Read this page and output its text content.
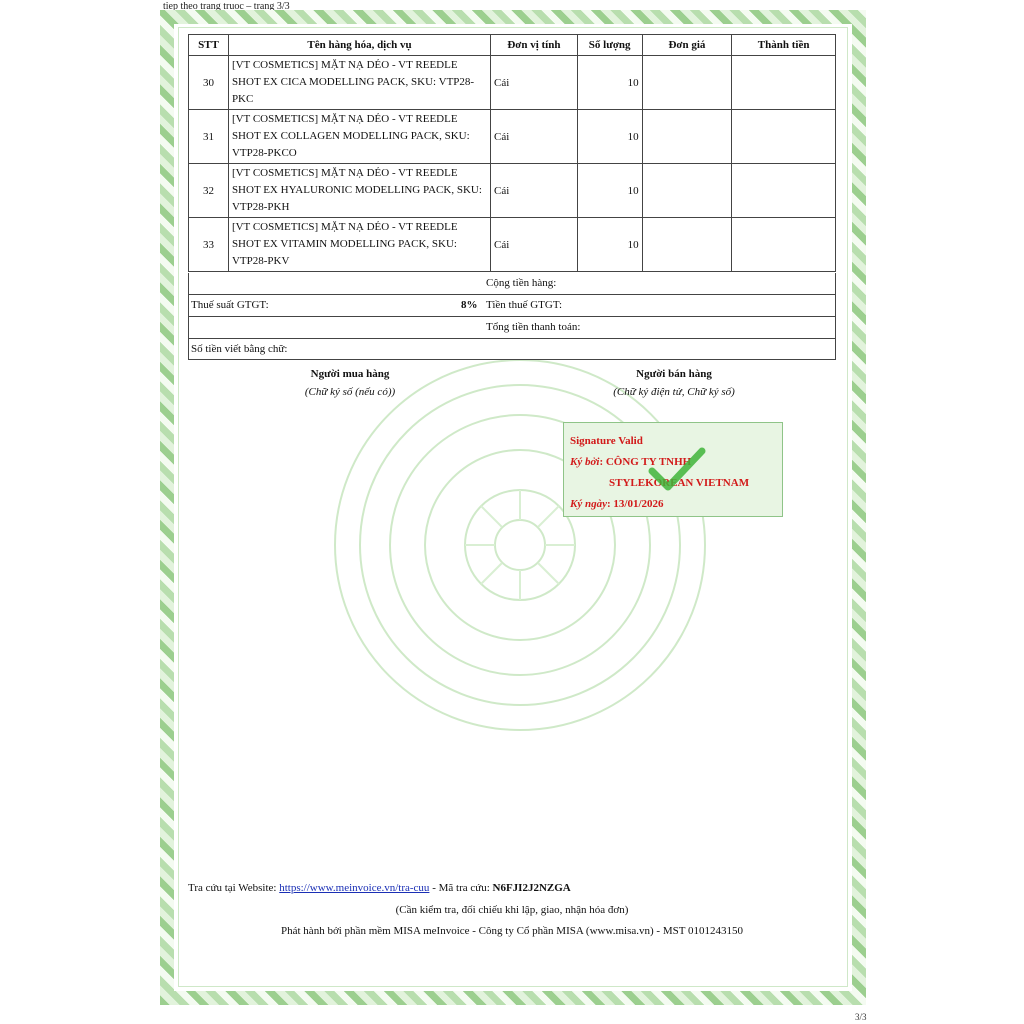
tiep theo trang truoc – trang 3/3
STT	Tên hàng hóa, dịch vụ	Đơn vị tính	Số lượng	Đơn giá	Thành tiền
30	[VT COSMETICS] MẶT NẠ DẺO - VT REEDLE SHOT EX CICA MODELLING PACK, SKU: VTP28-PKC	Cái	10		
31	[VT COSMETICS] MẶT NẠ DẺO - VT REEDLE SHOT EX COLLAGEN MODELLING PACK, SKU: VTP28-PKCO	Cái	10		
32	[VT COSMETICS] MẶT NẠ DẺO - VT REEDLE SHOT EX HYALURONIC MODELLING PACK, SKU: VTP28-PKH	Cái	10		
33	[VT COSMETICS] MẶT NẠ DẺO - VT REEDLE SHOT EX VITAMIN MODELLING PACK, SKU: VTP28-PKV	Cái	10		
Cộng tiền hàng:
Thuế suất GTGT:	8% Tiền thuế GTGT:
Tổng tiền thanh toán:
Số tiền viết bằng chữ:
Người mua hàng
(Chữ ký số (nếu có))
Người bán hàng
(Chữ ký điện tử, Chữ ký số)
Signature Valid
Ký bởi: CÔNG TY TNHH
STYLEKOREAN VIETNAM
Ký ngày: 13/01/2026
Tra cứu tại Website: https://www.meinvoice.vn/tra-cuu - Mã tra cứu: N6FJI2J2NZGA
(Cần kiểm tra, đối chiếu khi lập, giao, nhận hóa đơn)
Phát hành bởi phần mềm MISA meInvoice - Công ty Cổ phần MISA (www.misa.vn) - MST 0101243150
3/3
